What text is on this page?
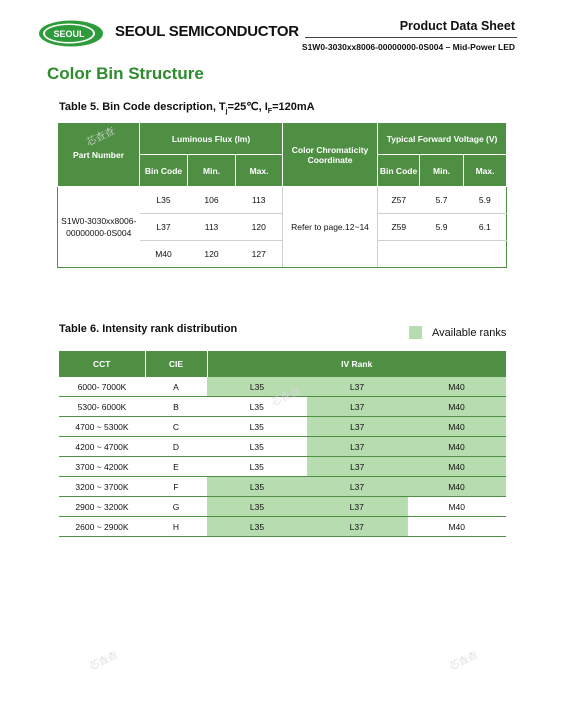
SEOUL SEOUL SEMICONDUCTOR	Product Data Sheet
S1W0-3030xx8006-00000000-0S004 – Mid-Power LED
Color Bin Structure
Table 5. Bin Code description, $T_j=25℃$, $I_F=120mA$
Part Number	Luminous Flux (lm)			Color Chromaticity Coordinate	Typical Forward Voltage (V)		
	Bin Code	Min.	Max.		Bin Code	Min.	Max.
S1W0-3030xx8006-00000000-0S004	L35	106	113	Refer to page.12~14	Z57	5.7	5.9
	L37	113	120		Z59	5.9	6.1
	M40	120	127				
Table 6. Intensity rank distribution	Available ranks
CCT	CIE	IV Rank		
6000- 7000K	A	L35	L37	M40
5300- 6000K	B	L35	L37	M40
4700 ~ 5300K	C	L35	L37	M40
4200 ~ 4700K	D	L35	L37	M40
3700 ~ 4200K	E	L35	L37	M40
3200 ~ 3700K	F	L35	L37	M40
2900 ~ 3200K	G	L35	L37	M40
2600 ~ 2900K	H	L35	L37	M40
芯查查
芯查查
芯查查	芯查查
